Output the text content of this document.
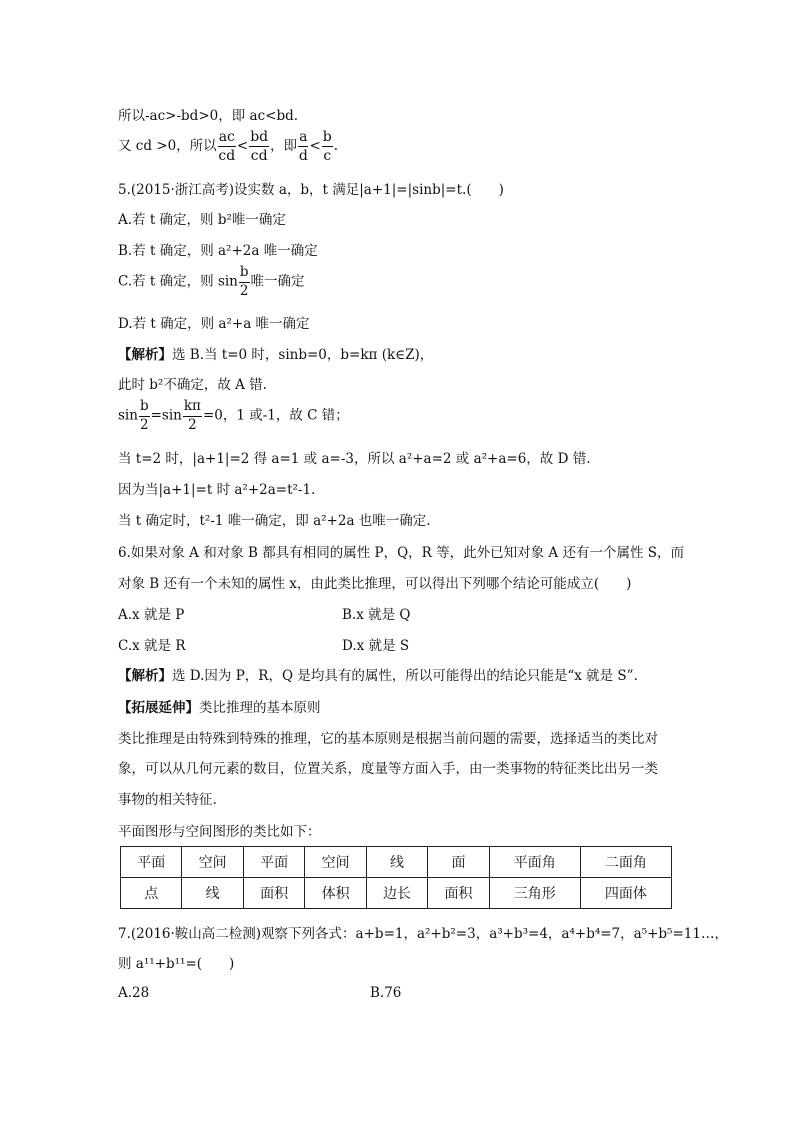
所以-ac>-bd>0，即 ac<bd.
又 cd >0，所以 $\frac{ac}{cd} < \frac{bd}{cd}$ ，即 $\frac{a}{d} < \frac{b}{c}$ .
5.(2015·浙江高考)设实数 a，b，t 满足|a+1|=|sinb|=t.(　　)
A.若 t 确定，则 b²唯一确定
B.若 t 确定，则 a²+2a 唯一确定
C.若 t 确定，则 $\sin \frac{b}{2}$ 唯一确定
D.若 t 确定，则 a²+a 唯一确定
【解析】选 B.当 t=0 时，sinb=0，b=kπ (k∈Z)，
此时 b²不确定，故 A 错.
$\sin \frac{b}{2} =\sin \frac{k\pi}{2} =0$，1 或-1，故 C 错；
当 t=2 时，|a+1|=2 得 a=1 或 a=-3，所以 a²+a=2 或 a²+a=6，故 D 错.
因为当|a+1|=t 时 a²+2a=t²-1.
当 t 确定时，t²-1 唯一确定，即 a²+2a 也唯一确定.
6.如果对象 A 和对象 B 都具有相同的属性 P，Q，R 等，此外已知对象 A 还有一个属性 S，而
对象 B 还有一个未知的属性 x，由此类比推理，可以得出下列哪个结论可能成立(　　)
A.x 就是 P	B.x 就是 Q
C.x 就是 R	D.x 就是 S
【解析】选 D.因为 P，R，Q 是均具有的属性，所以可能得出的结论只能是“x 就是 S”.
【拓展延伸】类比推理的基本原则
类比推理是由特殊到特殊的推理，它的基本原则是根据当前问题的需要，选择适当的类比对
象，可以从几何元素的数目，位置关系，度量等方面入手，由一类事物的特征类比出另一类
事物的相关特征.
平面图形与空间图形的类比如下：
平面	空间	平面	空间	线	面	平面角	二面角
点	线	面积	体积	边长	面积	三角形	四面体
7.(2016·鞍山高二检测)观察下列各式：a+b=1，a²+b²=3，a³+b³=4，a⁴+b⁴=7，a⁵+b⁵=11…，
则 a¹¹+b¹¹=(　　)
A.28	B.76
